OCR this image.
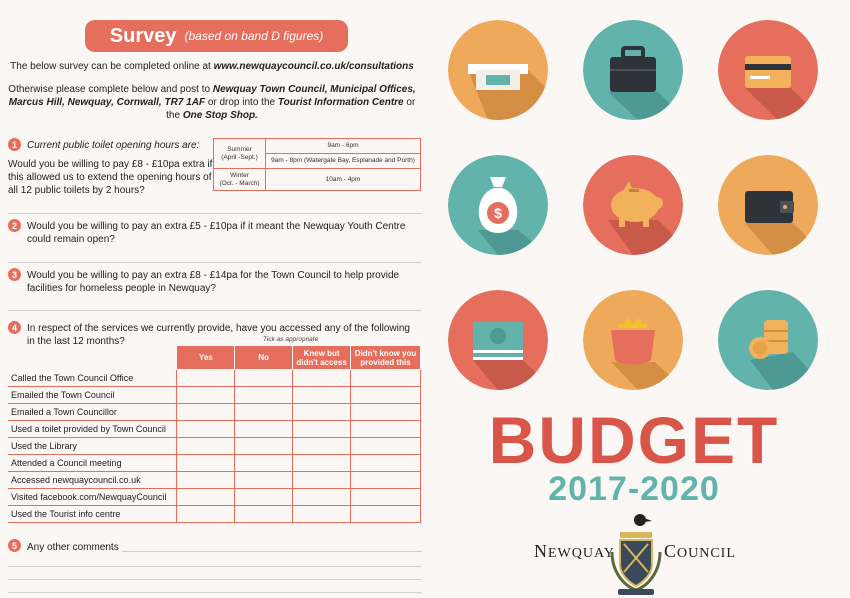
Survey (based on band D figures)
The below survey can be completed online at www.newquaycouncil.co.uk/consultations
Otherwise please complete below and post to Newquay Town Council, Municipal Offices, Marcus Hill, Newquay, Cornwall, TR7 1AF or drop into the Tourist Information Centre or the One Stop Shop.
1	Current public toilet opening hours are:
Would you be willing to pay £8 - £10pa extra if this allowed us to extend the opening hours of all 12 public toilets by 2 hours?
Summer
(April -Sept.)	9am - 6pm
	9am - 8pm (Watergate Bay, Esplanade and Porth)
Winter
(Oct. - March)	10am - 4pm
2	Would you be willing to pay an extra £5 - £10pa if it meant the Newquay Youth Centre could remain open?
3	Would you be willing to pay an extra £8 - £14pa for the Town Council to help provide facilities for homeless people in Newquay?
4	In respect of the services we currently provide, have you accessed any of the following in the last 12 months?	Tick as appropriate
	Yes	No	Knew but didn't access	Didn't know you provided this
Called the Town Council Office				
Emailed the Town Council				
Emailed a Town Councillor				
Used a toilet provided by Town Council				
Used the Library				
Attended a Council meeting				
Accessed newquaycouncil.co.uk				
Visited facebook.com/NewquayCouncil				
Used the Tourist info centre				
5	Any other comments
$
BUDGET
2017-2020
NEWQUAY	COUNCIL
